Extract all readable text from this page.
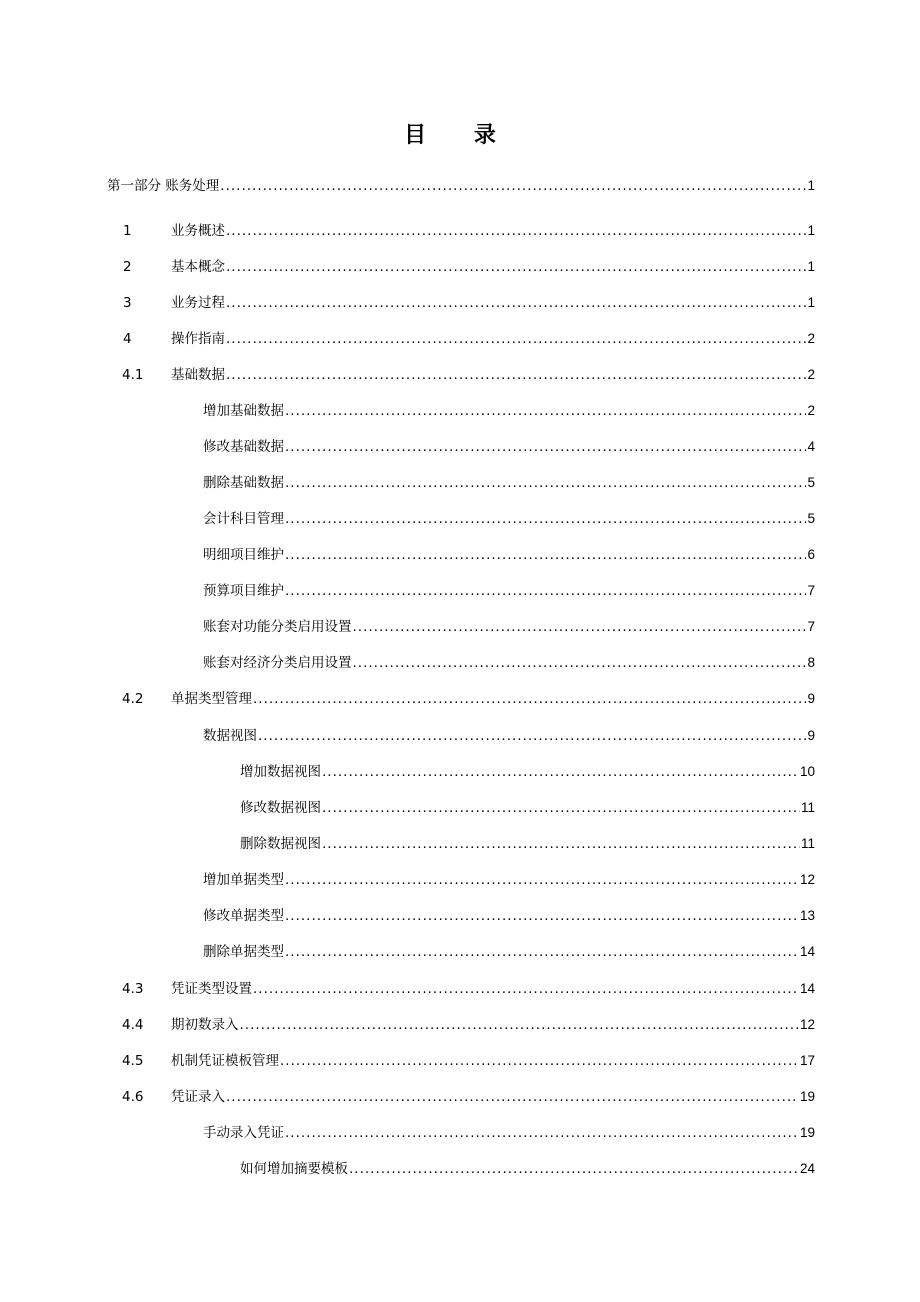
目 录
第一部分 账务处理 .....	1
1	业务概述 .....	1
2	基本概念 .....	1
3	业务过程 .....	1
4	操作指南 .....	2
4.1 基础数据 .....	2
增加基础数据 .....	2
修改基础数据 .....	4
删除基础数据 .....	5
会计科目管理 .....	5
明细项目维护 .....	6
预算项目维护 .....	7
账套对功能分类启用设置 .....	7
账套对经济分类启用设置 .....	8
4.2 单据类型管理 .....	9
数据视图 .....	9
增加数据视图 .....	10
修改数据视图 .....	11
删除数据视图 .....	11
增加单据类型 .....	12
修改单据类型 .....	13
删除单据类型 .....	14
4.3 凭证类型设置 .....	14
4.4 期初数录入 .....	12
4.5 机制凭证模板管理 .....	17
4.6 凭证录入 .....	19
手动录入凭证 .....	19
如何增加摘要模板 .....	24
